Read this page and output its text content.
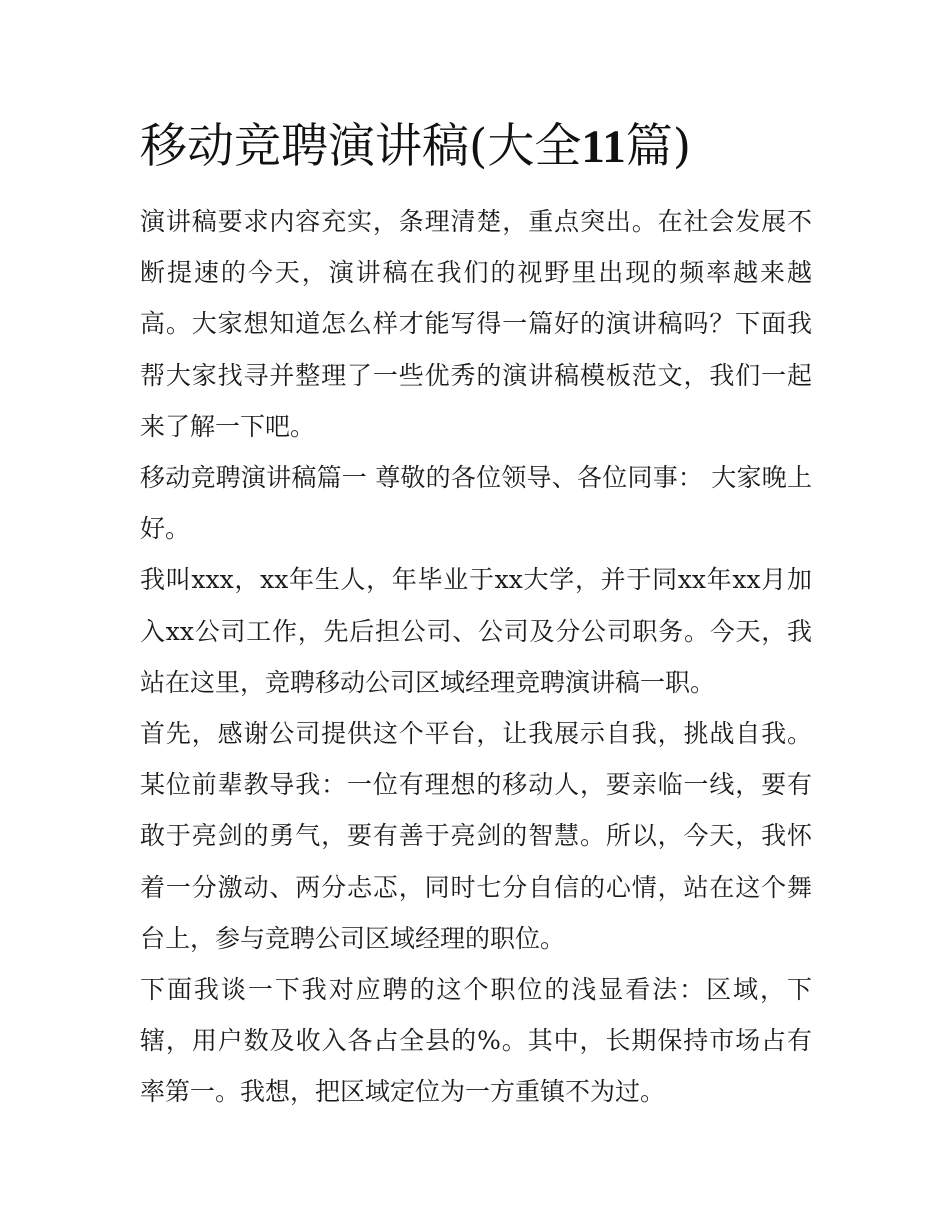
移动竞聘演讲稿(大全11篇)

演讲稿要求内容充实，条理清楚，重点突出。在社会发展不断提速的今天，演讲稿在我们的视野里出现的频率越来越高。大家想知道怎么样才能写得一篇好的演讲稿吗？下面我帮大家找寻并整理了一些优秀的演讲稿模板范文，我们一起来了解一下吧。

移动竞聘演讲稿篇一 尊敬的各位领导、各位同事： 大家晚上好。

我叫xxx，xx年生人，年毕业于xx大学，并于同xx年xx月加入xx公司工作，先后担公司、公司及分公司职务。今天，我站在这里，竞聘移动公司区域经理竞聘演讲稿一职。

首先，感谢公司提供这个平台，让我展示自我，挑战自我。某位前辈教导我：一位有理想的移动人，要亲临一线，要有敢于亮剑的勇气，要有善于亮剑的智慧。所以，今天，我怀着一分激动、两分忐忑，同时七分自信的心情，站在这个舞台上，参与竞聘公司区域经理的职位。

下面我谈一下我对应聘的这个职位的浅显看法：区域，下辖，用户数及收入各占全县的%。其中，长期保持市场占有率第一。我想，把区域定位为一方重镇不为过。
